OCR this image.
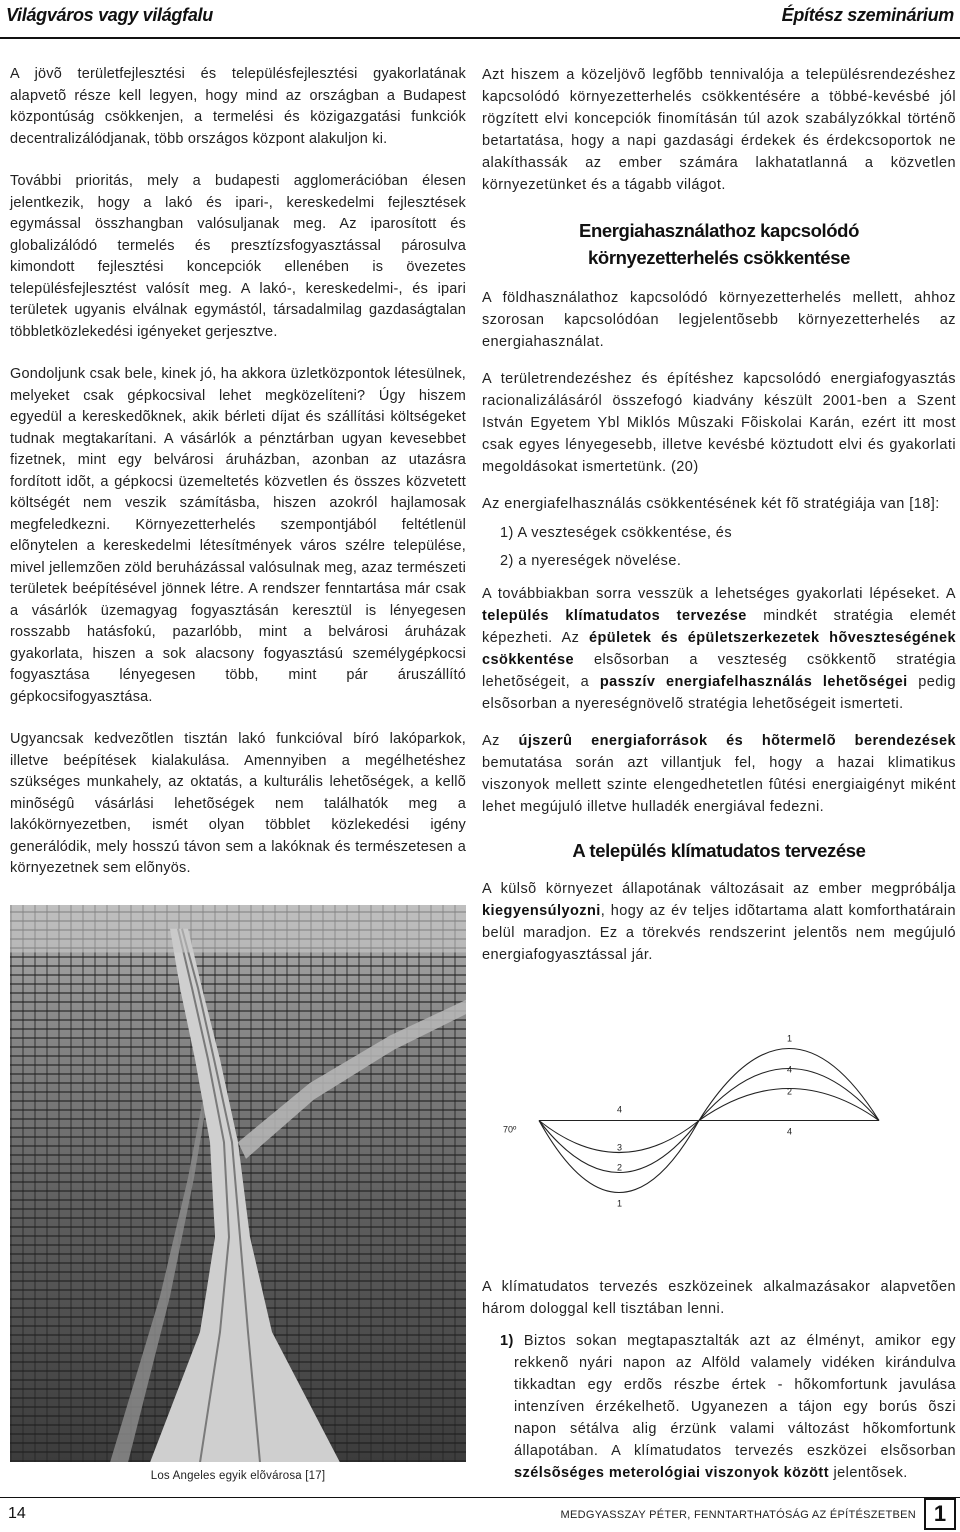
Világváros vagy világfalu	Építész szeminárium

A jövõ területfejlesztési és településfejlesztési gyakorlatának alapvetõ része kell legyen, hogy mind az országban a Budapest központúság csökkenjen, a termelési és közigazgatási funkciók decentralizálódjanak, több országos központ alakuljon ki.

További prioritás, mely a budapesti agglomerációban élesen jelentkezik, hogy a lakó és ipari-, kereskedelmi fejlesztések egymással összhangban valósuljanak meg. Az iparosított és globalizálódó termelés és presztízsfogyasztással párosulva kimondott fejlesztési koncepciók ellenében is övezetes településfejlesztést valósít meg. A lakó-, kereskedelmi-, és ipari területek ugyanis elválnak egymástól, társadalmilag gazdaságtalan többletközlekedési igényeket gerjesztve.

Gondoljunk csak bele, kinek jó, ha akkora üzletközpontok létesülnek, melyeket csak gépkocsival lehet megközelíteni? Úgy hiszem egyedül a kereskedõknek, akik bérleti díjat és szállítási költségeket tudnak megtakarítani. A vásárlók a pénztárban ugyan kevesebbet fizetnek, mint egy belvárosi áruházban, azonban az utazásra fordított idõt, a gépkocsi üzemeltetés közvetlen és összes közvetett költségét nem veszik számításba, hiszen azokról hajlamosak megfeledkezni. Környezetterhelés szempontjából feltétlenül elõnytelen a kereskedelmi létesítmények város szélre települése, mivel jellemzõen zöld beruházással valósulnak meg, azaz természeti területek beépítésével jönnek létre. A rendszer fenntartása már csak a vásárlók üzemagyag fogyasztásán keresztül is lényegesen rosszabb hatásfokú, pazarlóbb, mint a belvárosi áruházak gyakorlata, hiszen a sok alacsony fogyasztású személygépkocsi fogyasztása lényegesen több, mint pár áruszállító gépkocsifogyasztása.

Ugyancsak kedvezõtlen tisztán lakó funkcióval bíró lakóparkok, illetve beépítések kialakulása. Amennyiben a megélhetéshez szükséges munkahely, az oktatás, a kulturális lehetõségek, a kellõ minõségû vásárlási lehetõségek nem találhatók meg a lakókörnyezetben, ismét olyan többlet közlekedési igény generálódik, mely hosszú távon sem a lakóknak és természetesen a környezetnek sem elõnyös.

Los Angeles egyik elõvárosa [17]

Azt hiszem a közeljövõ legfõbb tennivalója a településrendezéshez kapcsolódó környezetterhelés csökkentésére a többé-kevésbé jól rögzített elvi koncepciók finomításán túl azok szabályzókkal történõ betartatása, hogy a napi gazdasági érdekek és érdekcsoportok ne alakíthassák az ember számára lakhatatlanná a közvetlen környezetünket és a tágabb világot.

Energiahasználathoz kapcsolódó
környezetterhelés csökkentése

A földhasználathoz kapcsolódó környezetterhelés mellett, ahhoz szorosan kapcsolódóan legjelentõsebb környezetterhelés az energiahasználat.

A területrendezéshez és építéshez kapcsolódó energiafogyasztás racionalizálásáról összefogó kiadvány készült 2001-ben a Szent István Egyetem Ybl Miklós Mûszaki Fõiskolai Karán, ezért itt most csak egyes lényegesebb, illetve kevésbé köztudott elvi és gyakorlati megoldásokat ismertetünk. (20)

Az energiafelhasználás csökkentésének két fõ stratégiája van [18]:

1) A veszteségek csökkentése, és
2) a nyereségek növelése.

A továbbiakban sorra vesszük a lehetséges gyakorlati lépéseket. A település klímatudatos tervezése mindkét stratégia elemét képezheti. Az épületek és épületszerkezetek hõveszteségének csökkentése elsõsorban a veszteség csökkentõ stratégia lehetõségeit, a passzív energiafelhasználás lehetõségei pedig elsõsorban a nyereségnövelõ stratégia lehetõségeit ismerteti.

Az újszerû energiaforrások és hõtermelõ berendezések bemutatása során azt villantjuk fel, hogy a hazai klimatikus viszonyok mellett szinte elengedhetetlen fûtési energiaigényt miként lehet megújuló illetve hulladék energiával fedezni.

A település klímatudatos tervezése

A külsõ környezet állapotának változásait az ember megpróbálja kiegyensúlyozni, hogy az év teljes idõtartama alatt komforthatárain belül maradjon. Ez a törekvés rendszerint jelentõs nem megújuló energiafogyasztással jár.

1
4
2
4
70º	4
3
2
1

A klímatudatos tervezés eszközeinek alkalmazásakor alapvetõen három dologgal kell tisztában lenni.

1) Biztos sokan megtapasztalták azt az élményt, amikor egy rekkenõ nyári napon az Alföld valamely vidéken kirándulva tikkadtan egy erdõs részbe értek - hõkomfortunk javulása intenzíven érzékelhetõ. Ugyanezen a tájon egy borús õszi napon sétálva alig érzünk valami változást hõkomfortunk állapotában. A klímatudatos tervezés eszközei elsõsorban szélsõséges meterológiai viszonyok között jelentõsek.

14	MEDGYASSZAY PÉTER, FENNTARTHATÓSÁG AZ ÉPÍTÉSZETBEN 1
